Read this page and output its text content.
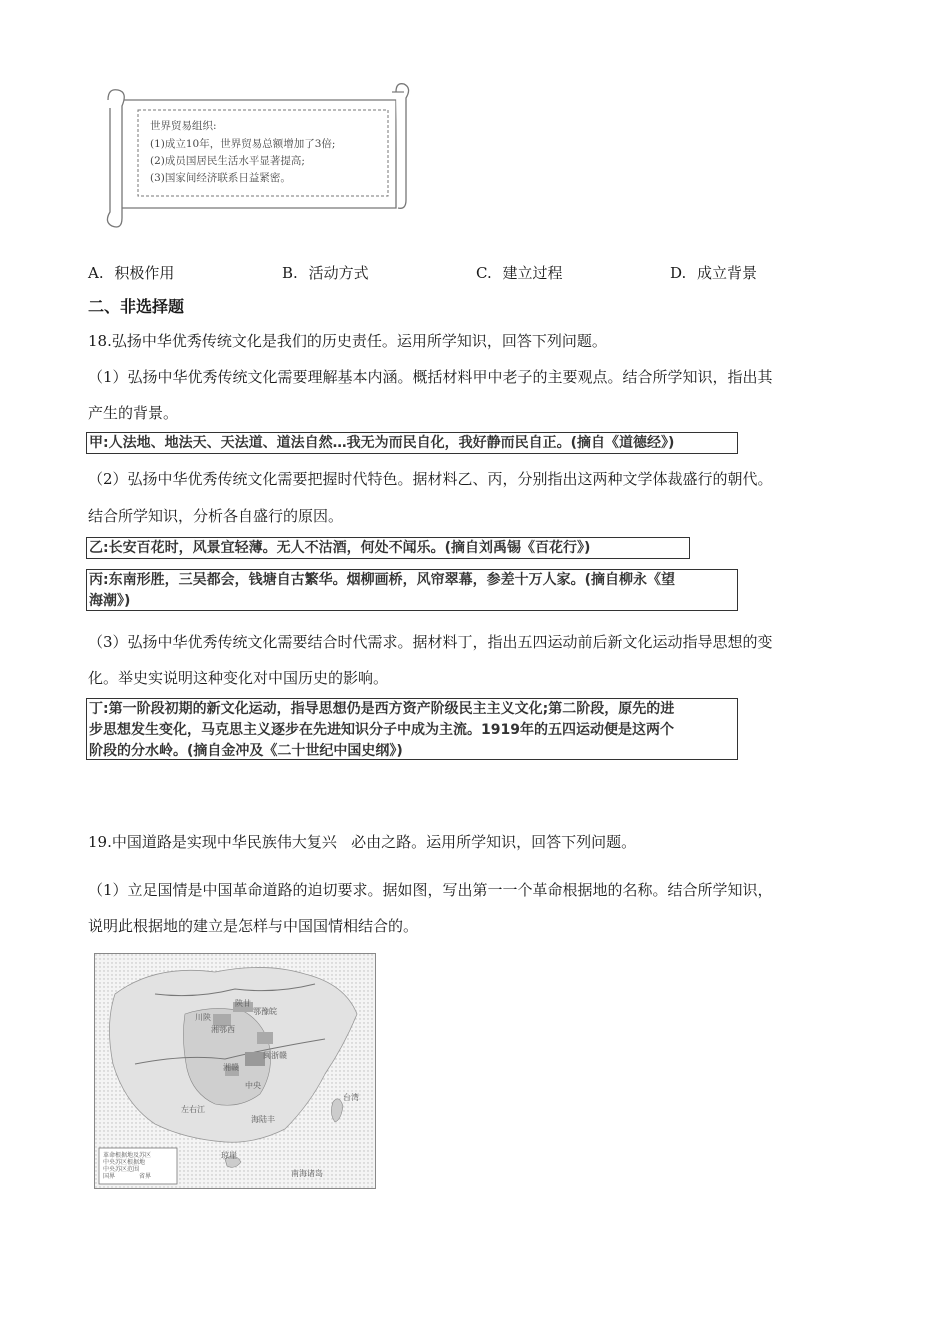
世界贸易组织:
(1)成立10年，世界贸易总额增加了3倍;
(2)成员国居民生活水平显著提高;
(3)国家间经济联系日益紧密。
A. 积极作用	B. 活动方式	C. 建立过程	D. 成立背景
二、非选择题
18.弘扬中华优秀传统文化是我们的历史责任。运用所学知识，回答下列问题。
（1）弘扬中华优秀传统文化需要理解基本内涵。概括材料甲中老子的主要观点。结合所学知识，指出其
产生的背景。
甲:人法地、地法天、天法道、道法自然…我无为而民自化，我好静而民自正。(摘自《道德经》)
（2）弘扬中华优秀传统文化需要把握时代特色。据材料乙、丙，分别指出这两种文学体裁盛行的朝代。
结合所学知识，分析各自盛行的原因。
乙:长安百花时，风景宜轻薄。无人不沽酒，何处不闻乐。(摘自刘禹锡《百花行》)
丙:东南形胜，三吴都会，钱塘自古繁华。烟柳画桥，风帘翠幕，参差十万人家。(摘自柳永《望
海潮》)
（3）弘扬中华优秀传统文化需要结合时代需求。据材料丁，指出五四运动前后新文化运动指导思想的变
化。举史实说明这种变化对中国历史的影响。
丁:第一阶段初期的新文化运动，指导思想仍是西方资产阶级民主主义文化;第二阶段，原先的进
步思想发生变化，马克思主义逐步在先进知识分子中成为主流。1919年的五四运动便是这两个
阶段的分水岭。(摘自金冲及《二十世纪中国史纲》)
19.中国道路是实现中华民族伟大复兴   必由之路。运用所学知识，回答下列问题。
（1）立足国情是中国革命道路的迫切要求。据如图，写出第一一个革命根据地的名称。结合所学知识，
说明此根据地的建立是怎样与中国国情相结合的。
鄂豫皖
湘鄂西
陕甘
川陕
湘赣
中央
闽浙赣
左右江
海陆丰
琼崖
台湾
南海诸岛
革命根据地及苏区
中央苏区根据地
中央苏区范围
国界	省界
